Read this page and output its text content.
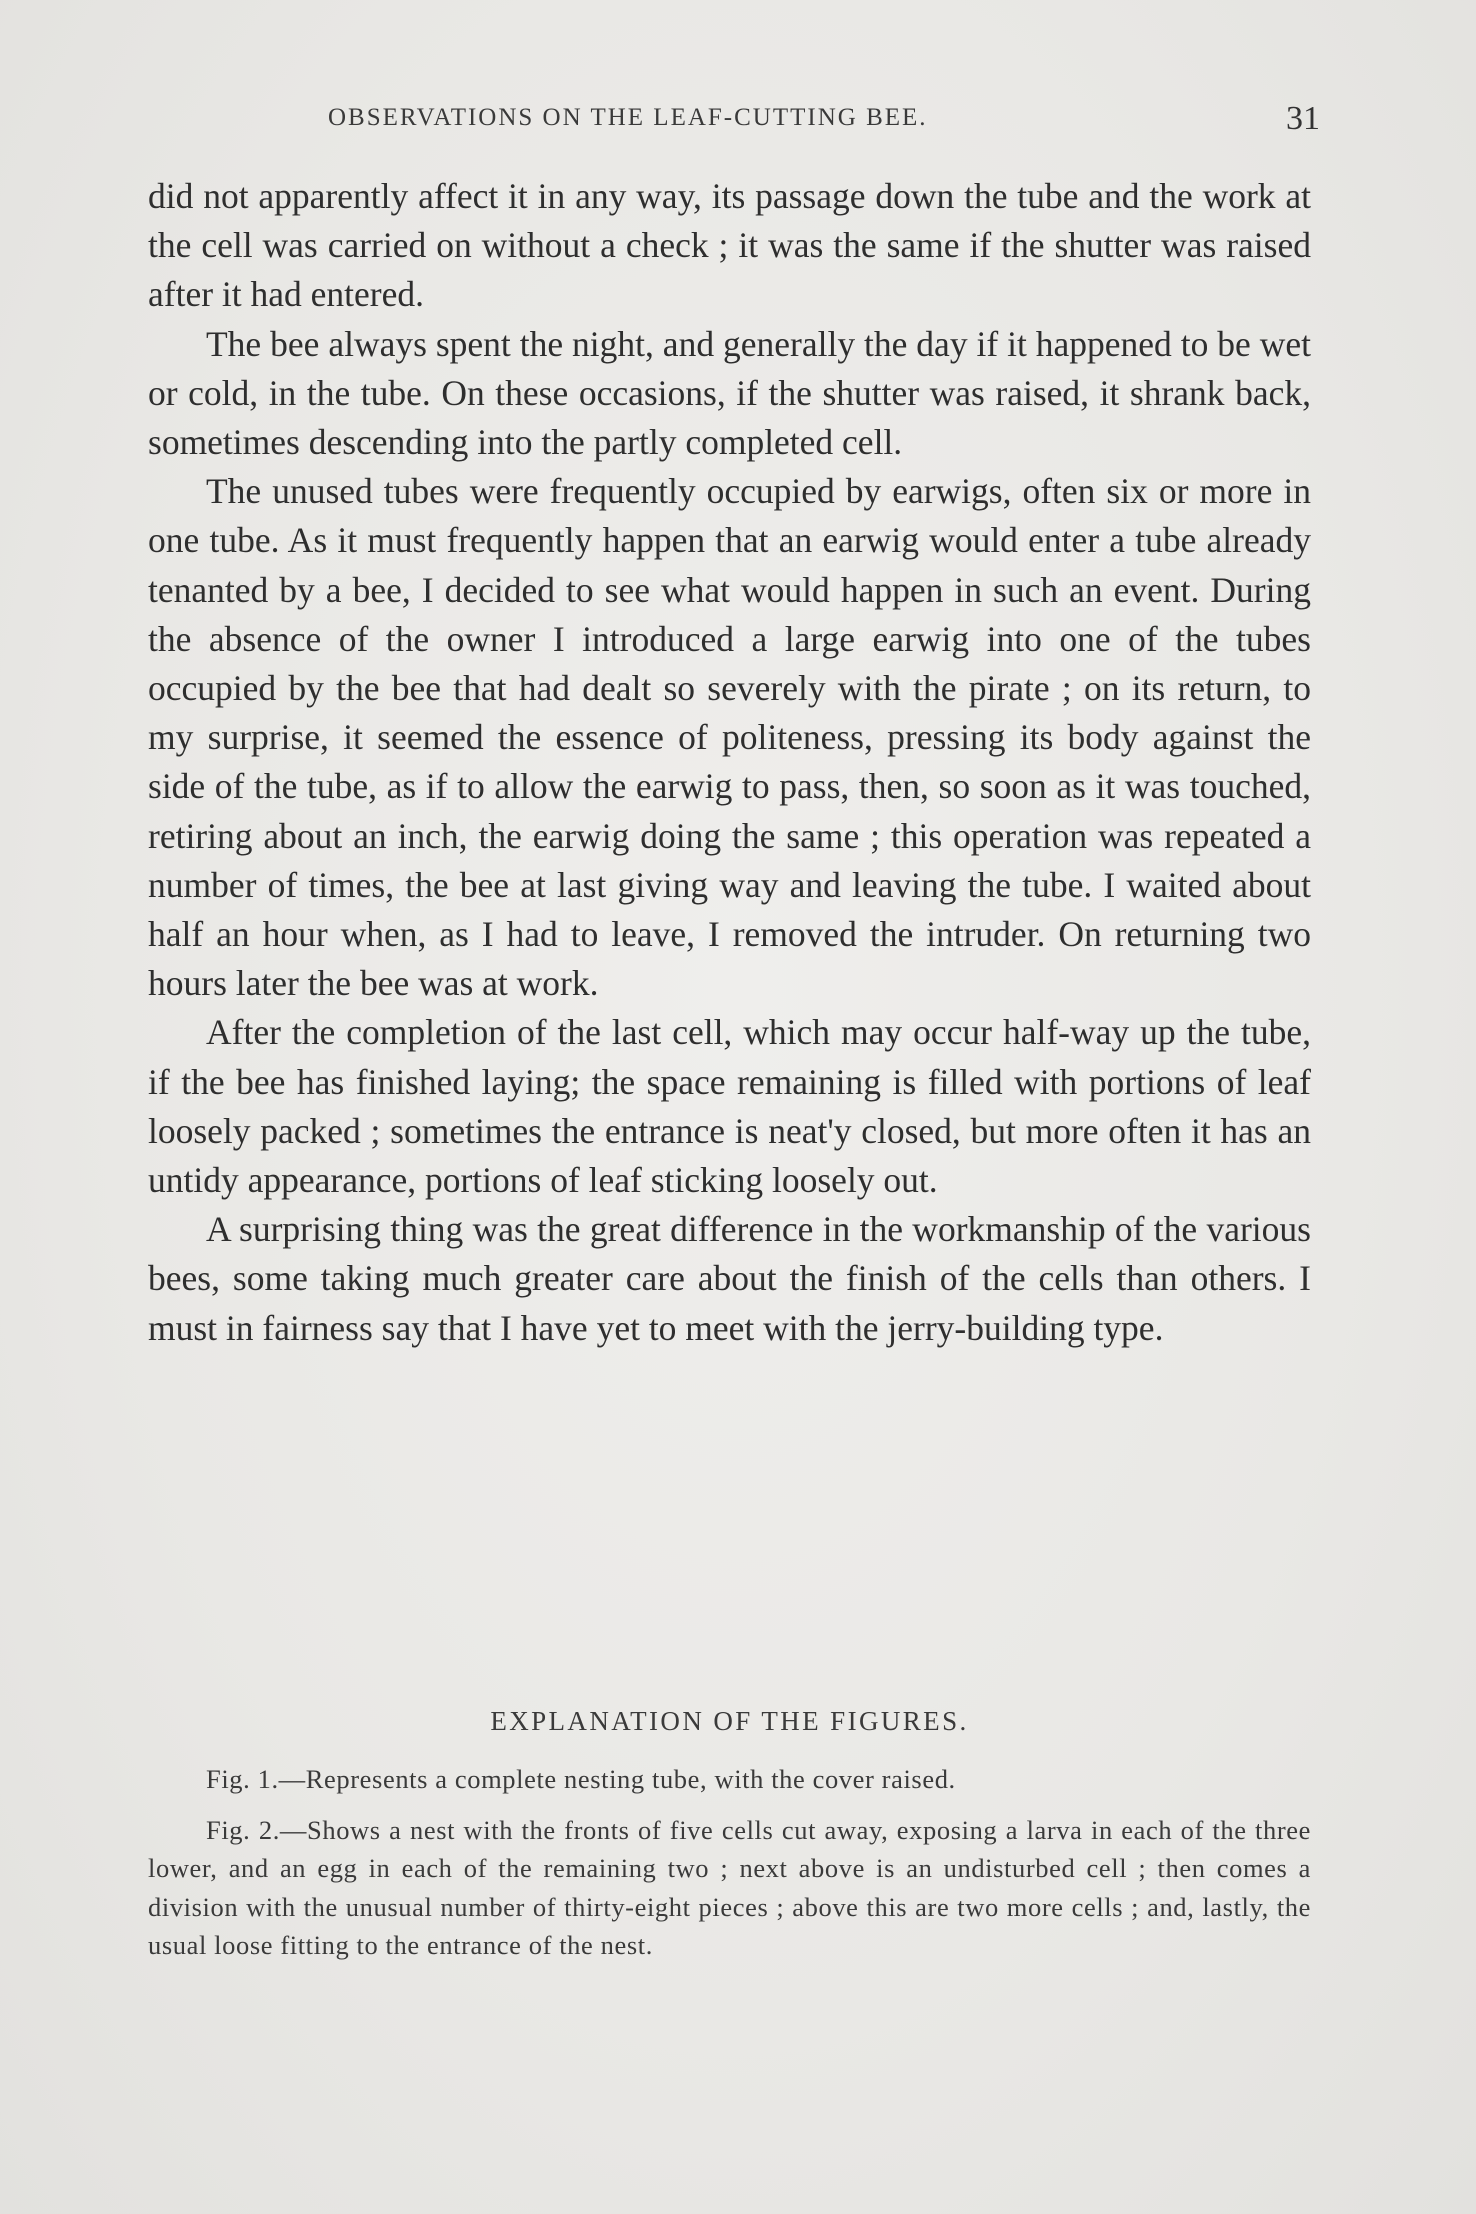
OBSERVATIONS ON THE LEAF-CUTTING BEE.	31

did not apparently affect it in any way, its passage down the tube and the work at the cell was carried on without a check ; it was the same if the shutter was raised after it had entered.

The bee always spent the night, and generally the day if it happened to be wet or cold, in the tube. On these occasions, if the shutter was raised, it shrank back, sometimes descending into the partly completed cell.

The unused tubes were frequently occupied by earwigs, often six or more in one tube. As it must frequently happen that an earwig would enter a tube already tenanted by a bee, I decided to see what would happen in such an event. During the absence of the owner I introduced a large earwig into one of the tubes occupied by the bee that had dealt so severely with the pirate ; on its return, to my surprise, it seemed the essence of politeness, pressing its body against the side of the tube, as if to allow the earwig to pass, then, so soon as it was touched, retiring about an inch, the earwig doing the same ; this operation was repeated a number of times, the bee at last giving way and leaving the tube. I waited about half an hour when, as I had to leave, I removed the intruder. On returning two hours later the bee was at work.

After the completion of the last cell, which may occur half-way up the tube, if the bee has finished laying; the space remaining is filled with portions of leaf loosely packed ; sometimes the entrance is neat'y closed, but more often it has an untidy appearance, portions of leaf sticking loosely out.

A surprising thing was the great difference in the workmanship of the various bees, some taking much greater care about the finish of the cells than others. I must in fairness say that I have yet to meet with the jerry-building type.

EXPLANATION OF THE FIGURES.

Fig. 1.—Represents a complete nesting tube, with the cover raised.

Fig. 2.—Shows a nest with the fronts of five cells cut away, exposing a larva in each of the three lower, and an egg in each of the remaining two ; next above is an undisturbed cell ; then comes a division with the unusual number of thirty-eight pieces ; above this are two more cells ; and, lastly, the usual loose fitting to the entrance of the nest.
